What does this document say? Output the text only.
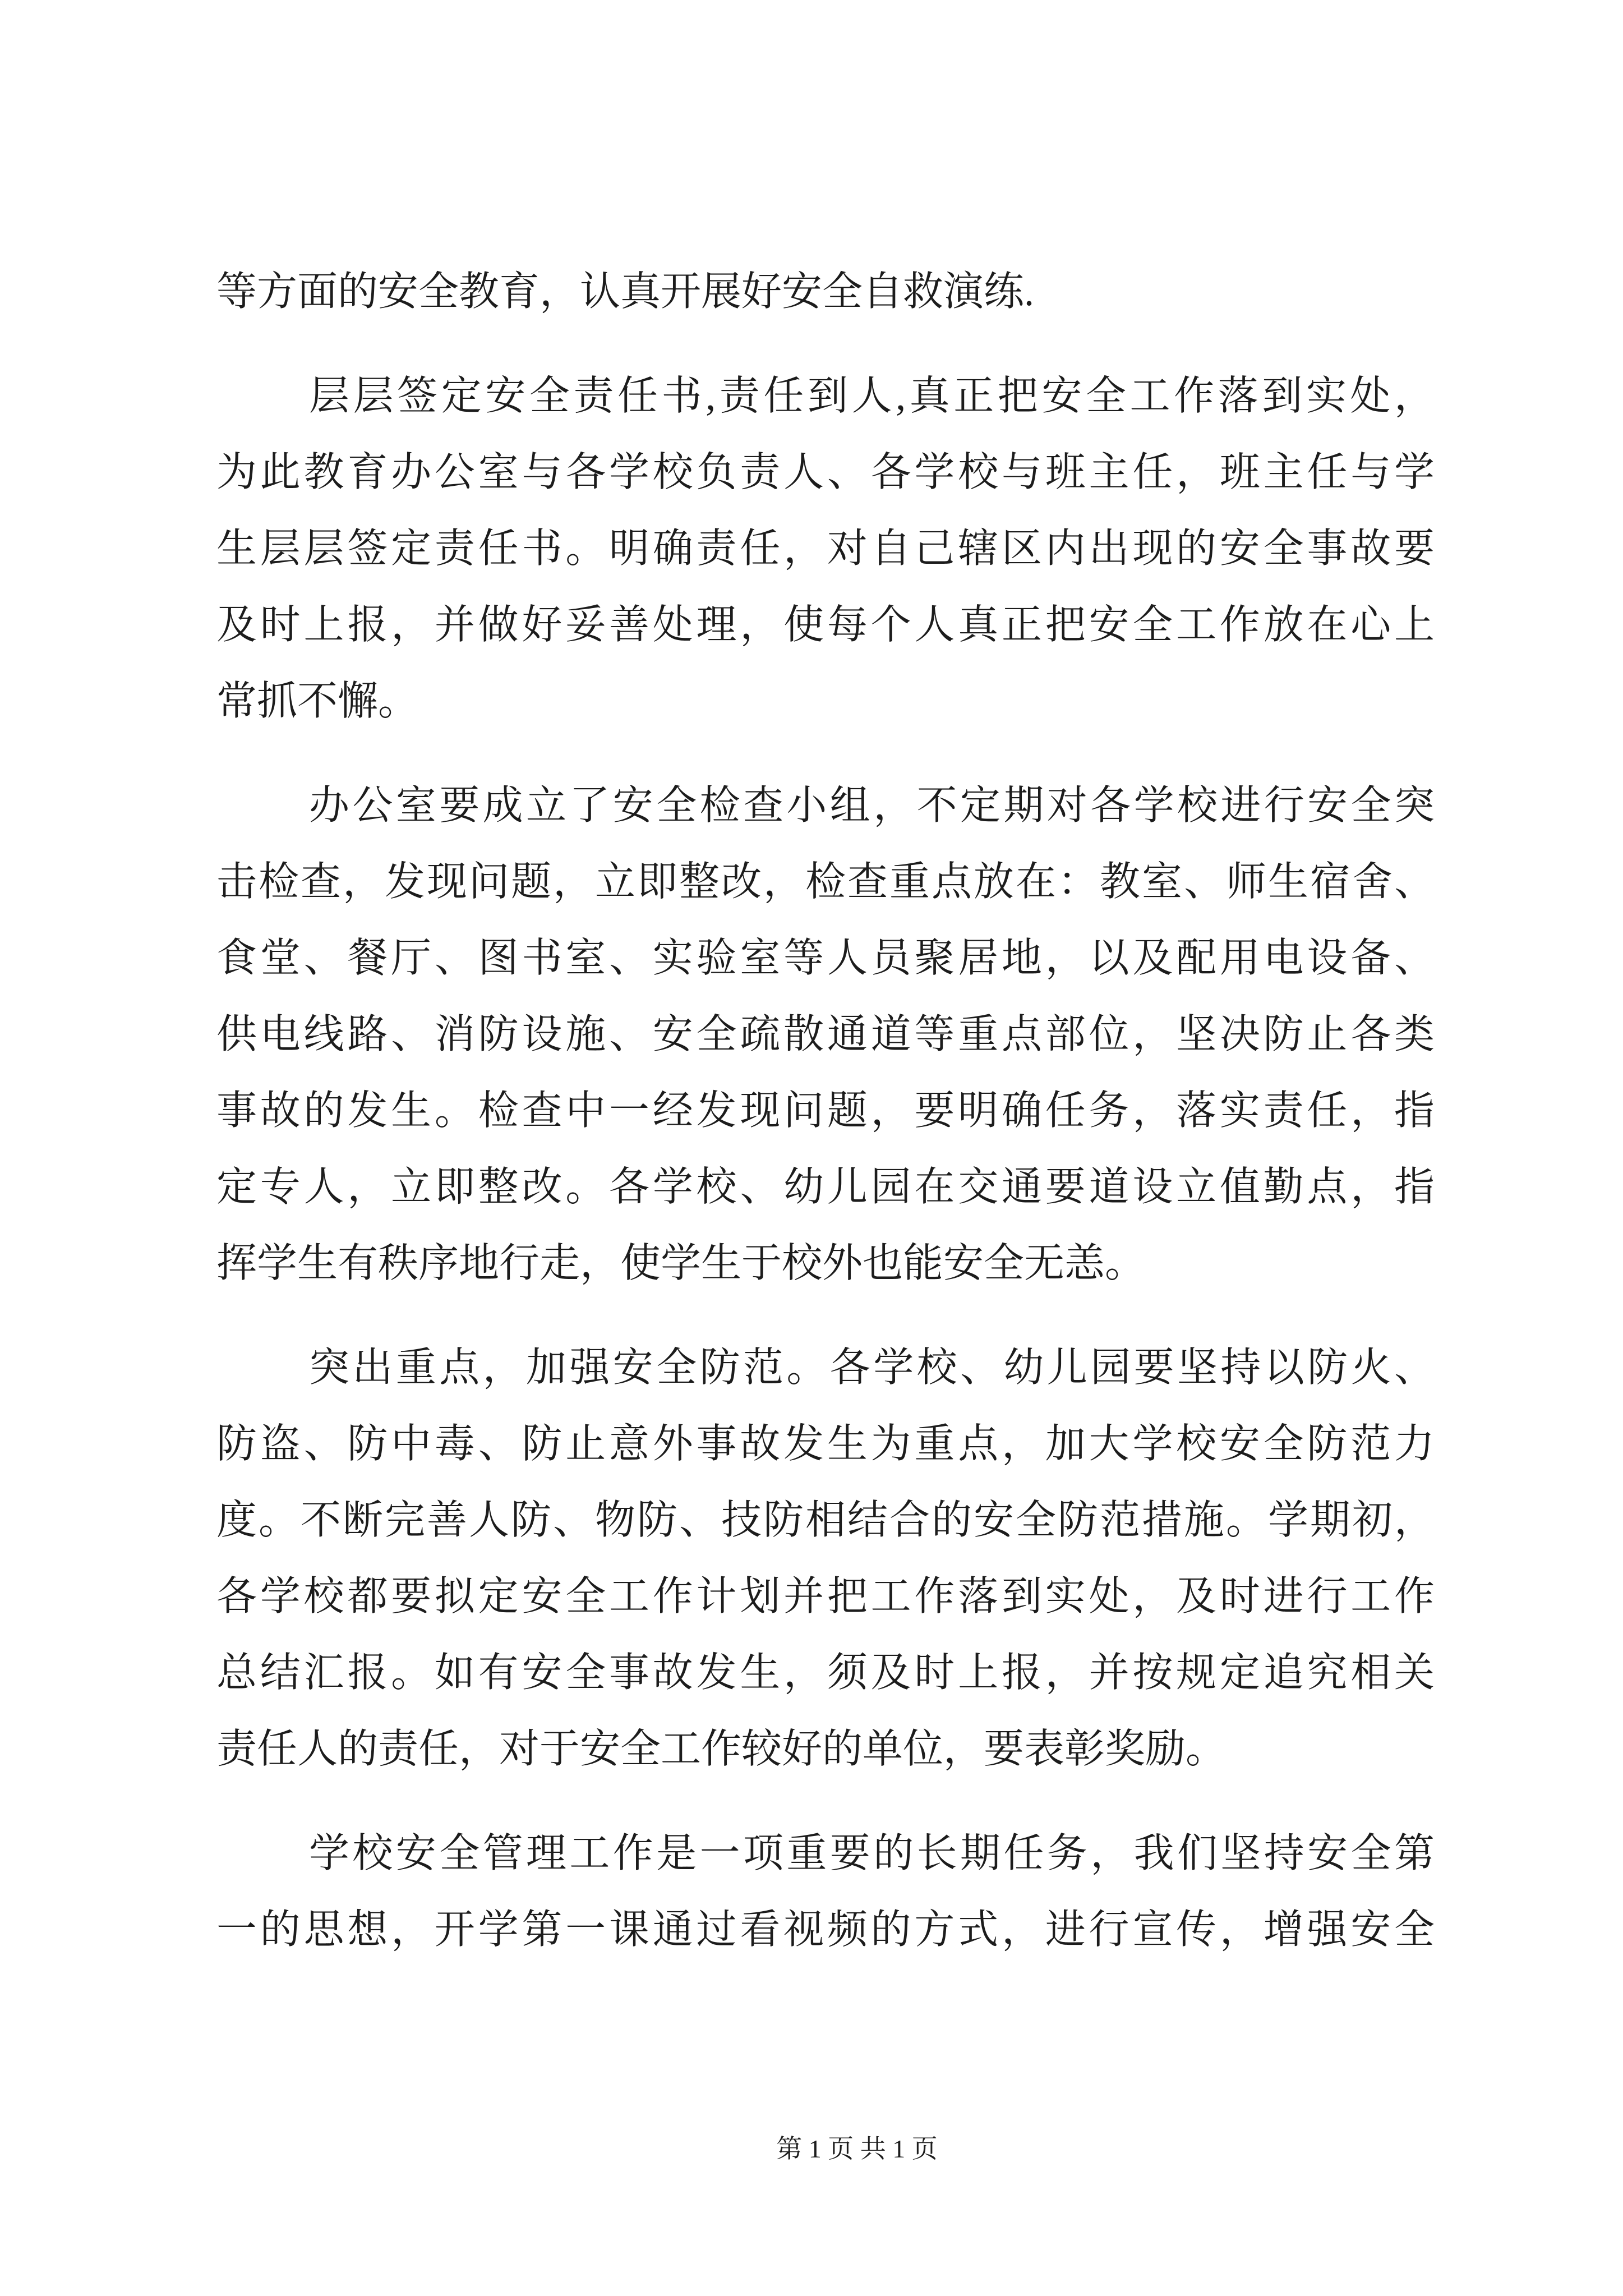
等方面的安全教育，认真开展好安全自救演练.
层层签定安全责任书,责任到人,真正把安全工作落到实处，
为此教育办公室与各学校负责人、各学校与班主任，班主任与学
生层层签定责任书。明确责任，对自己辖区内出现的安全事故要
及时上报，并做好妥善处理，使每个人真正把安全工作放在心上
常抓不懈。
办公室要成立了安全检查小组，不定期对各学校进行安全突
击检查，发现问题，立即整改，检查重点放在：教室、师生宿舍、
食堂、餐厅、图书室、实验室等人员聚居地，以及配用电设备、
供电线路、消防设施、安全疏散通道等重点部位，坚决防止各类
事故的发生。检查中一经发现问题，要明确任务，落实责任，指
定专人，立即整改。各学校、幼儿园在交通要道设立值勤点，指
挥学生有秩序地行走，使学生于校外也能安全无恙。
突出重点，加强安全防范。各学校、幼儿园要坚持以防火、
防盗、防中毒、防止意外事故发生为重点，加大学校安全防范力
度。不断完善人防、物防、技防相结合的安全防范措施。学期初，
各学校都要拟定安全工作计划并把工作落到实处，及时进行工作
总结汇报。如有安全事故发生，须及时上报，并按规定追究相关
责任人的责任，对于安全工作较好的单位，要表彰奖励。
学校安全管理工作是一项重要的长期任务，我们坚持安全第
一的思想，开学第一课通过看视频的方式，进行宣传，增强安全
第 1 页 共 1 页
